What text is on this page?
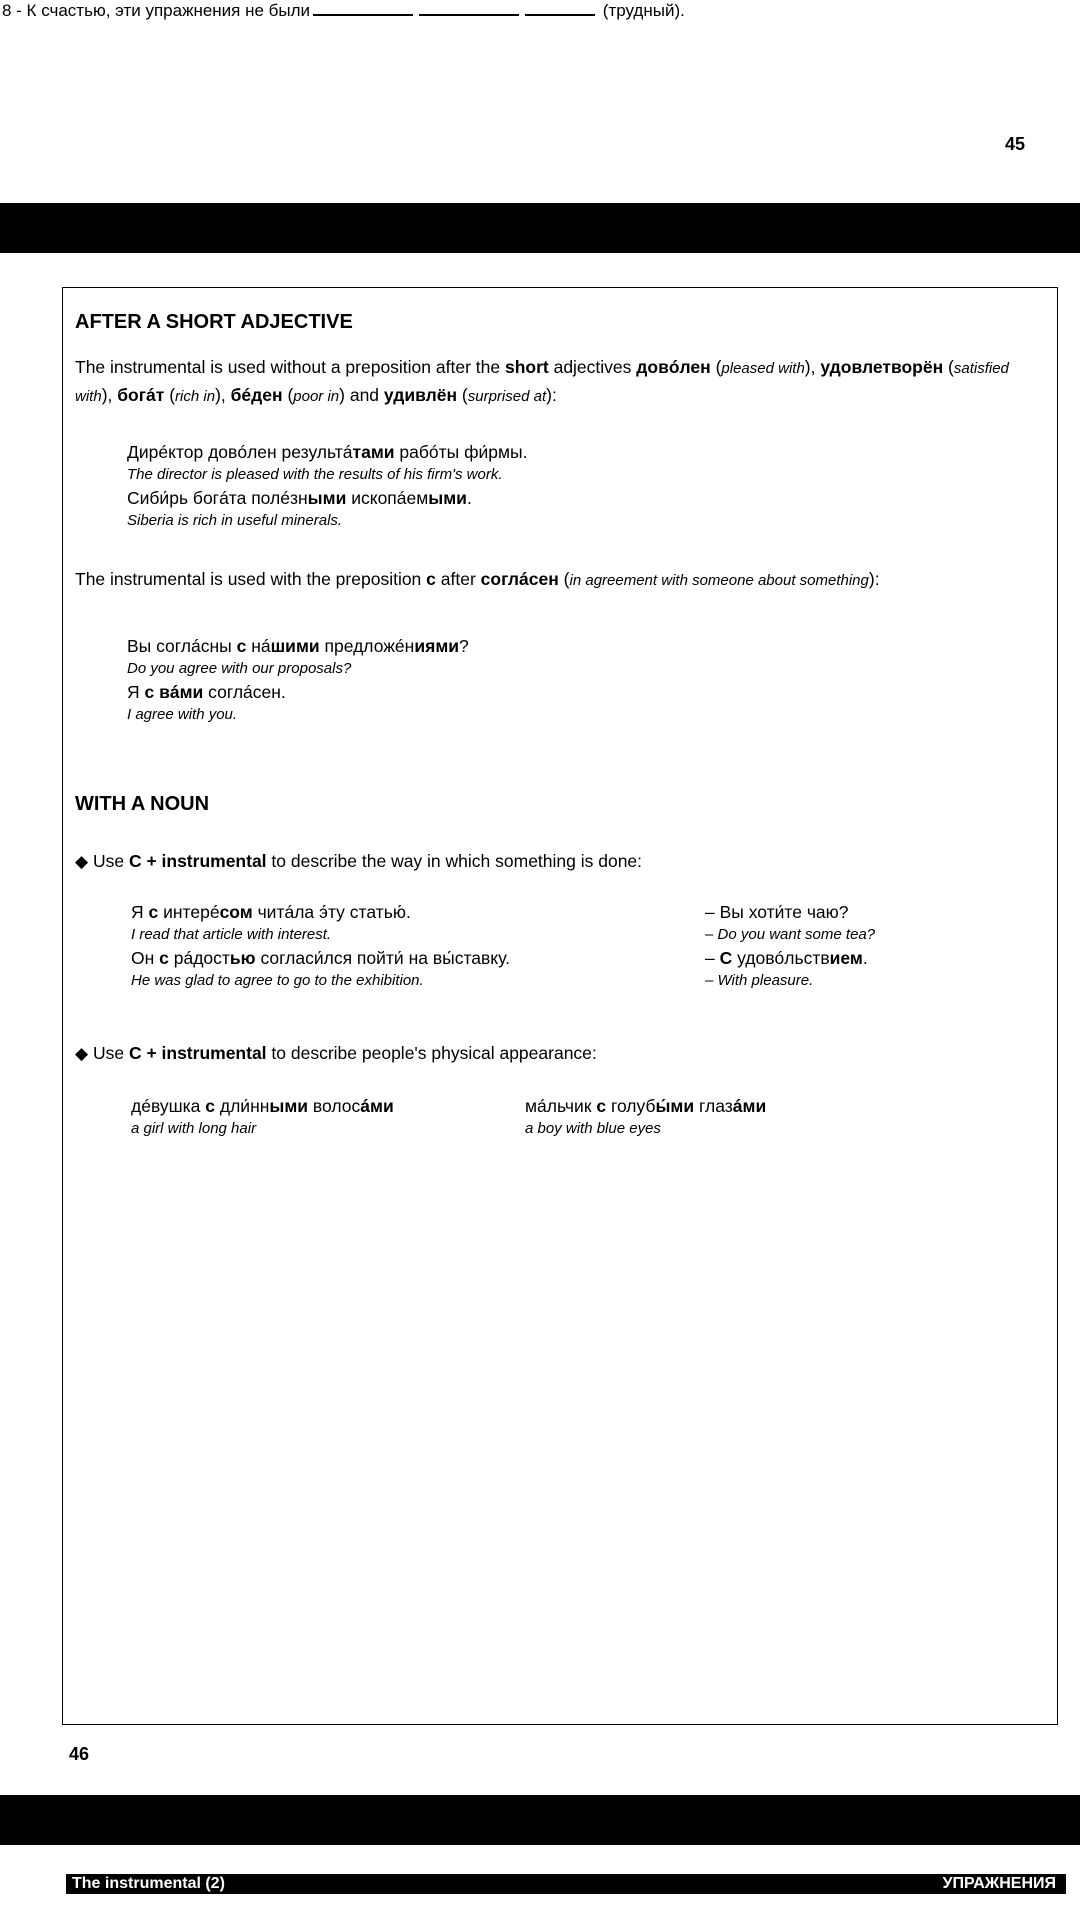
8 - К счастью, эти упражнения не были	(трудный).
45
AFTER A SHORT ADJECTIVE
The instrumental is used without a preposition after the short adjectives довóлен (pleased with), удовлетворён (satisfied with), богáт (rich in), бéден (poor in) and удивлён (surprised at):
Дирéктор довóлен результáтами рабóты фи́рмы.
The director is pleased with the results of his firm's work.
Сиби́рь богáта полéзными ископáемыми.
Siberia is rich in useful minerals.
The instrumental is used with the preposition с after соглáсен (in agreement with someone about something):
Вы соглáсны с нáшими предложéниями?
Do you agree with our proposals?
Я с вáми соглáсен.
I agree with you.
WITH A NOUN
◆ Use С + instrumental to describe the way in which something is done:
Я с интерéсом читáла э́ту статью́.
I read that article with interest.
Он с рáдостью согласи́лся пойти́ на вы́ставку.
He was glad to agree to go to the exhibition.
– Вы хоти́те чаю?
– Do you want some tea?
– С удовóльствием.
– With pleasure.
◆ Use С + instrumental to describe people's physical appearance:
дéвушка с дли́нными волосáми
a girl with long hair
мáльчик с голубы́ми глазáми
a boy with blue eyes
46
The instrumental (2)	УПРАЖНЕНИЯ
